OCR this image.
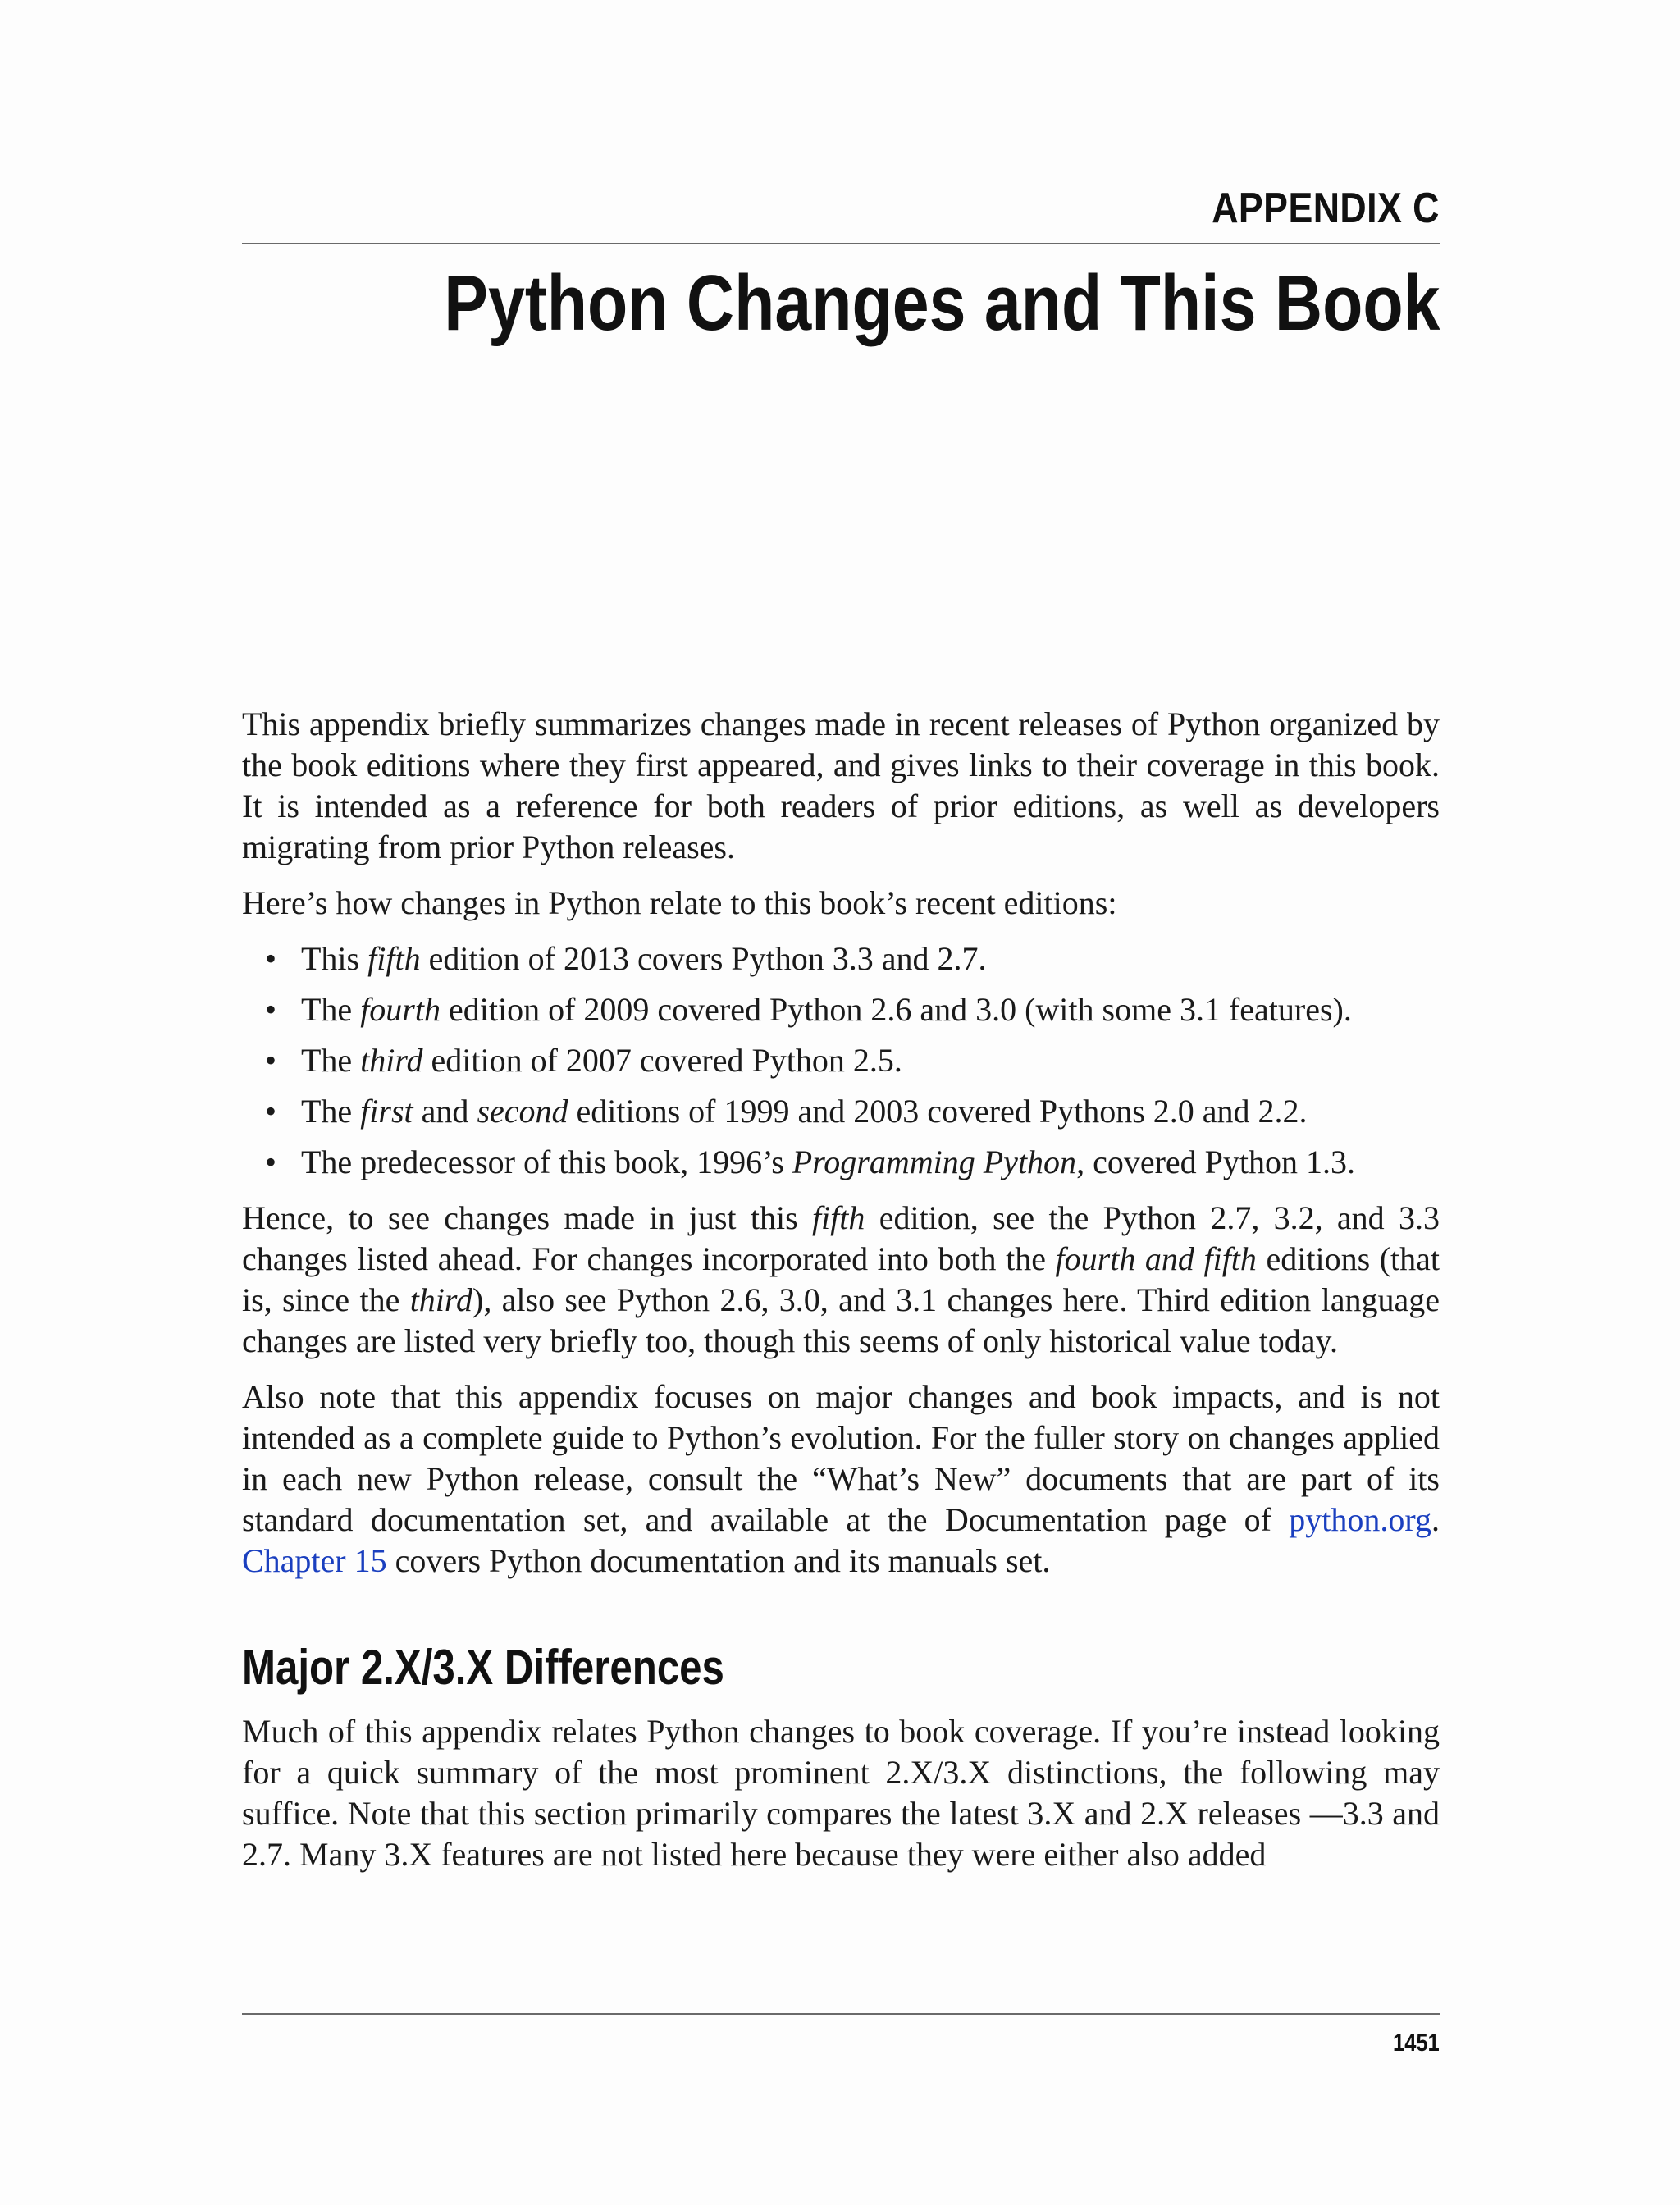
APPENDIX C
Python Changes and This Book

This appendix briefly summarizes changes made in recent releases of Python organized by the book editions where they first appeared, and gives links to their coverage in this book. It is intended as a reference for both readers of prior editions, as well as developers migrating from prior Python releases.

Here’s how changes in Python relate to this book’s recent editions:

• This fifth edition of 2013 covers Python 3.3 and 2.7.
• The fourth edition of 2009 covered Python 2.6 and 3.0 (with some 3.1 features).
• The third edition of 2007 covered Python 2.5.
• The first and second editions of 1999 and 2003 covered Pythons 2.0 and 2.2.
• The predecessor of this book, 1996’s Programming Python, covered Python 1.3.

Hence, to see changes made in just this fifth edition, see the Python 2.7, 3.2, and 3.3 changes listed ahead. For changes incorporated into both the fourth and fifth editions (that is, since the third), also see Python 2.6, 3.0, and 3.1 changes here. Third edition language changes are listed very briefly too, though this seems of only historical value today.

Also note that this appendix focuses on major changes and book impacts, and is not intended as a complete guide to Python’s evolution. For the fuller story on changes applied in each new Python release, consult the “What’s New” documents that are part of its standard documentation set, and available at the Documentation page of python.org. Chapter 15 covers Python documentation and its manuals set.

Major 2.X/3.X Differences

Much of this appendix relates Python changes to book coverage. If you’re instead looking for a quick summary of the most prominent 2.X/3.X distinctions, the following may suffice. Note that this section primarily compares the latest 3.X and 2.X releases —3.3 and 2.7. Many 3.X features are not listed here because they were either also added

1451
